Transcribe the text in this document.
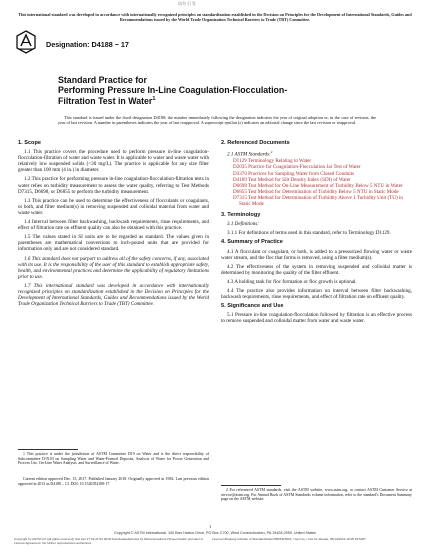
This international standard was developed in accordance with internationally recognized principles on standardization established in the Decision on Principles for the Development of International Standards, Guides and Recommendations issued by the World Trade Organization Technical Barriers to Trade (TBT) Committee.
请勿 引 发
Designation: D4188 − 17
Standard Practice for
Performing Pressure In-Line Coagulation-Flocculation-
Filtration Test in Water$^1$
This standard is issued under the fixed designation D4188; the number immediately following the designation indicates the year of original adoption or, in the case of revision, the year of last revision. A number in parentheses indicates the year of last reapproval. A superscript epsilon (ε) indicates an editorial change since the last revision or reapproval.
1. Scope
1.1 This practice covers the procedure used to perform pressure in-line coagulation-flocculation-filtration of water and waste water. It is applicable to water and waste water with relatively low suspended solids (<30 mg/L). The practice is applicable for any size filter greater than 100 mm (4 in.) in diameter.
1.2 This practice for performing pressure in-line coagulation-flocculation-filtration tests in water relies on turbidity measurement to assess the water quality, referring to Test Methods D7315, D6698, or D6855 to perform the turbidity measurement.
1.3 This practice can be used to determine the effectiveness of flocculants or coagulants, or both, and filter medium(s) in removing suspended and colloidal material from water and waste water.
1.4 Interval between filter backwashing, backwash requirements, rinse requirements, and effect of filtration rate on effluent quality can also be obtained with this practice.
1.5 The values stated in SI units are to be regarded as standard. The values given in parentheses are mathematical conversions to inch-pound units that are provided for information only and are not considered standard.
1.6 This standard does not purport to address all of the safety concerns, if any, associated with its use. It is the responsibility of the user of this standard to establish appropriate safety, health, and environmental practices and determine the applicability of regulatory limitations prior to use.
1.7 This international standard was developed in accordance with internationally recognized principles on standardization established in the Decision on Principles for the Development of International Standards, Guides and Recommendations issued by the World Trade Organization Technical Barriers to Trade (TBT) Committee.
1 This practice is under the jurisdiction of ASTM Committee D19 on Water and is the direct responsibility of Subcommittee D19.03 on Sampling Water and Water-Formed Deposits, Analysis of Water for Power Generation and Process Use, On-Line Water Analysis, and Surveillance of Water.
Current edition approved Dec. 15, 2017. Published January 2018. Originally approved in 1982. Last previous edition approved in 2013 as D4188 – 13. DOI: 10.1520/D4188-17.
2. Referenced Documents
2.1 ASTM Standards:$^2$
D1129 Terminology Relating to Water
D2035 Practice for Coagulation-Flocculation Jar Test of Water
D3370 Practices for Sampling Water from Closed Conduits
D4189 Test Method for Silt Density Index (SDI) of Water
D6698 Test Method for On-Line Measurement of Turbidity Below 5 NTU in Water
D6855 Test Method for Determination of Turbidity Below 5 NTU in Static Mode
D7315 Test Method for Determination of Turbidity Above 1 Turbidity Unit (TU) in Static Mode
3. Terminology
3.1 Definitions:
3.1.1 For definitions of terms used in this standard, refer to Terminology D1129.
4. Summary of Practice
4.1 A flocculant or coagulant, or both, is added to a pressurized flowing water or waste water stream, and the floc that forms is removed, using a filter medium(s).
4.2 The effectiveness of the system in removing suspended and colloidal matter is determined by monitoring the quality of the filter effluent.
4.3 A holding tank for floc formation or floc growth is optional.
4.4 The practice also provides information on interval between filter backwashing, backwash requirements, rinse requirements, and effect of filtration rate on effluent quality.
5. Significance and Use
5.1 Pressure in-line coagulation-flocculation followed by filtration is an effective process to remove suspended and colloidal matter from water and waste water.
2 For referenced ASTM standards, visit the ASTM website, www.astm.org, or contact ASTM Customer Service at service@astm.org. For Annual Book of ASTM Standards volume information, refer to the standard's Document Summary page on the ASTM website.
1
Copyright © ASTM International, 100 Barr Harbor Drive, PO Box C700, West Conshohocken, PA 19428-2959. United States
Copyright by ASTM Int'l (all rights reserved); Sat Jan 27 01:21:54 2018 Downloaded/printed by Mohammadreza Hosseinzadeh pursuant to License Agreement. No further reproductions authorized.
License=Zhejiang Institute of Standardization/5956115001, User=xx, r Not for Resale, 05/14/2019 19:05:26 MDT
